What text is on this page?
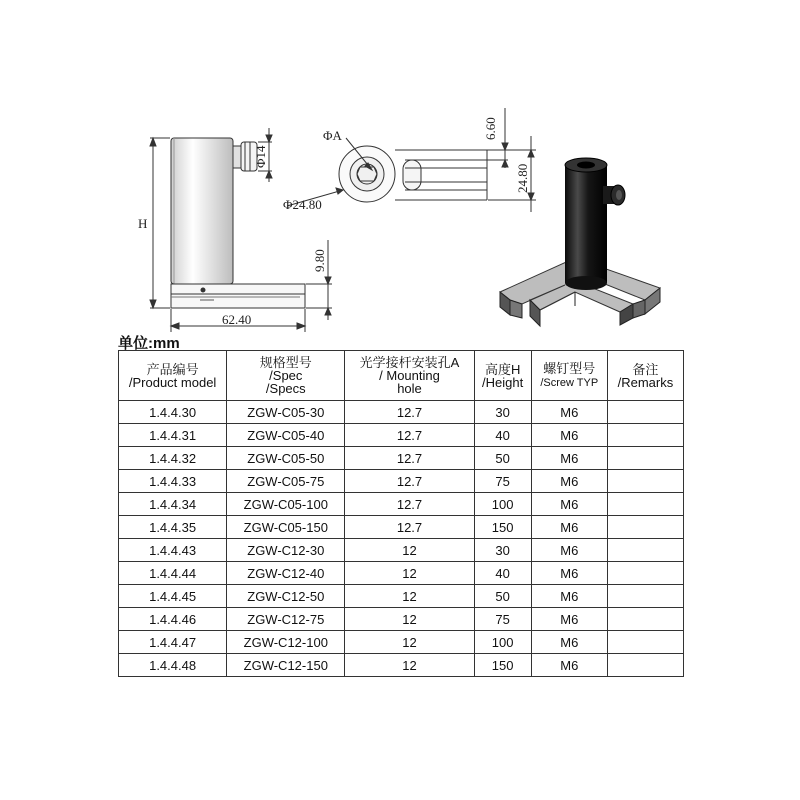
Φ14
H
9.80
62.40
ΦA
Φ24.80
6.60
24.80
单位:mm
产品编号
/Product model	规格型号
/Spec
/Specs	光学接杆安装孔A
/ Mounting
hole	高度H
/Height	螺钉型号
/Screw TYP	备注
/Remarks
1.4.4.30	ZGW-C05-30	12.7	30	M6	
1.4.4.31	ZGW-C05-40	12.7	40	M6	
1.4.4.32	ZGW-C05-50	12.7	50	M6	
1.4.4.33	ZGW-C05-75	12.7	75	M6	
1.4.4.34	ZGW-C05-100	12.7	100	M6	
1.4.4.35	ZGW-C05-150	12.7	150	M6	
1.4.4.43	ZGW-C12-30	12	30	M6	
1.4.4.44	ZGW-C12-40	12	40	M6	
1.4.4.45	ZGW-C12-50	12	50	M6	
1.4.4.46	ZGW-C12-75	12	75	M6	
1.4.4.47	ZGW-C12-100	12	100	M6	
1.4.4.48	ZGW-C12-150	12	150	M6	
